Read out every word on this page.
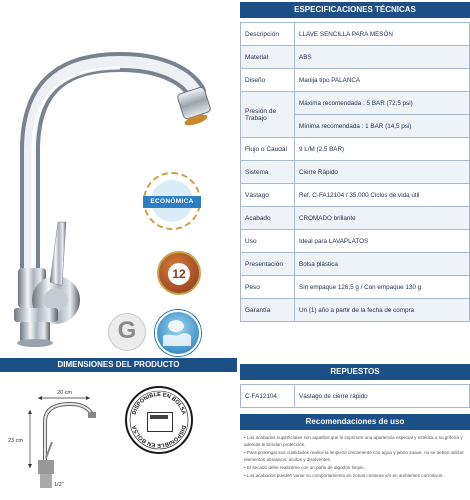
ECONÓMICA
12
G
DIMENSIONES DEL PRODUCTO
20 cm
23 cm
1/2"
DISPONIBLE EN BOLSA
DISPONIBLE EN BOLSA
ESPECIFICACIONES TÉCNICAS
Descripción	LLAVE SENCILLA PARA MESÓN
Material	ABS
Diseño	Manija tipo PALANCA
Presión de Trabajo	Máxima recomendada : 5 BAR (72,5 psi)
	Mínima recomendada : 1 BAR (14,5 psi)
Flujo o Caudal	9 L/M (2,5 BAR)
Sistema	Cierre Rápido
Vástago	Ref. C-FA12104 / 35.000 Ciclos de vida útil
Acabado	CROMADO brillante
Uso	Ideal para LAVAPLATOS
Presentación	Bolsa plástica
Peso	Sin empaque 126,5 g / Con empaque 130 g
Garantía	Un (1) año a partir de la fecha de compra
REPUESTOS
C-FA12104	Vástago de cierre rápido
Recomendaciones de uso

• Los acabados superficiales son aquellos que le imprimen una apariencia especial y estética a su grifería y además le brindan protección.

• Para prolongar sus cualidades realice la limpieza únicamente con agua y jabón suave, no se deben utilizar elementos abrasivos, ácidos y disolventes.

• El secado debe realizarse con un paño de algodón limpio.

• Los acabados pueden variar su comportamiento en zonas costeras y/o en ambientes corrosivos.
